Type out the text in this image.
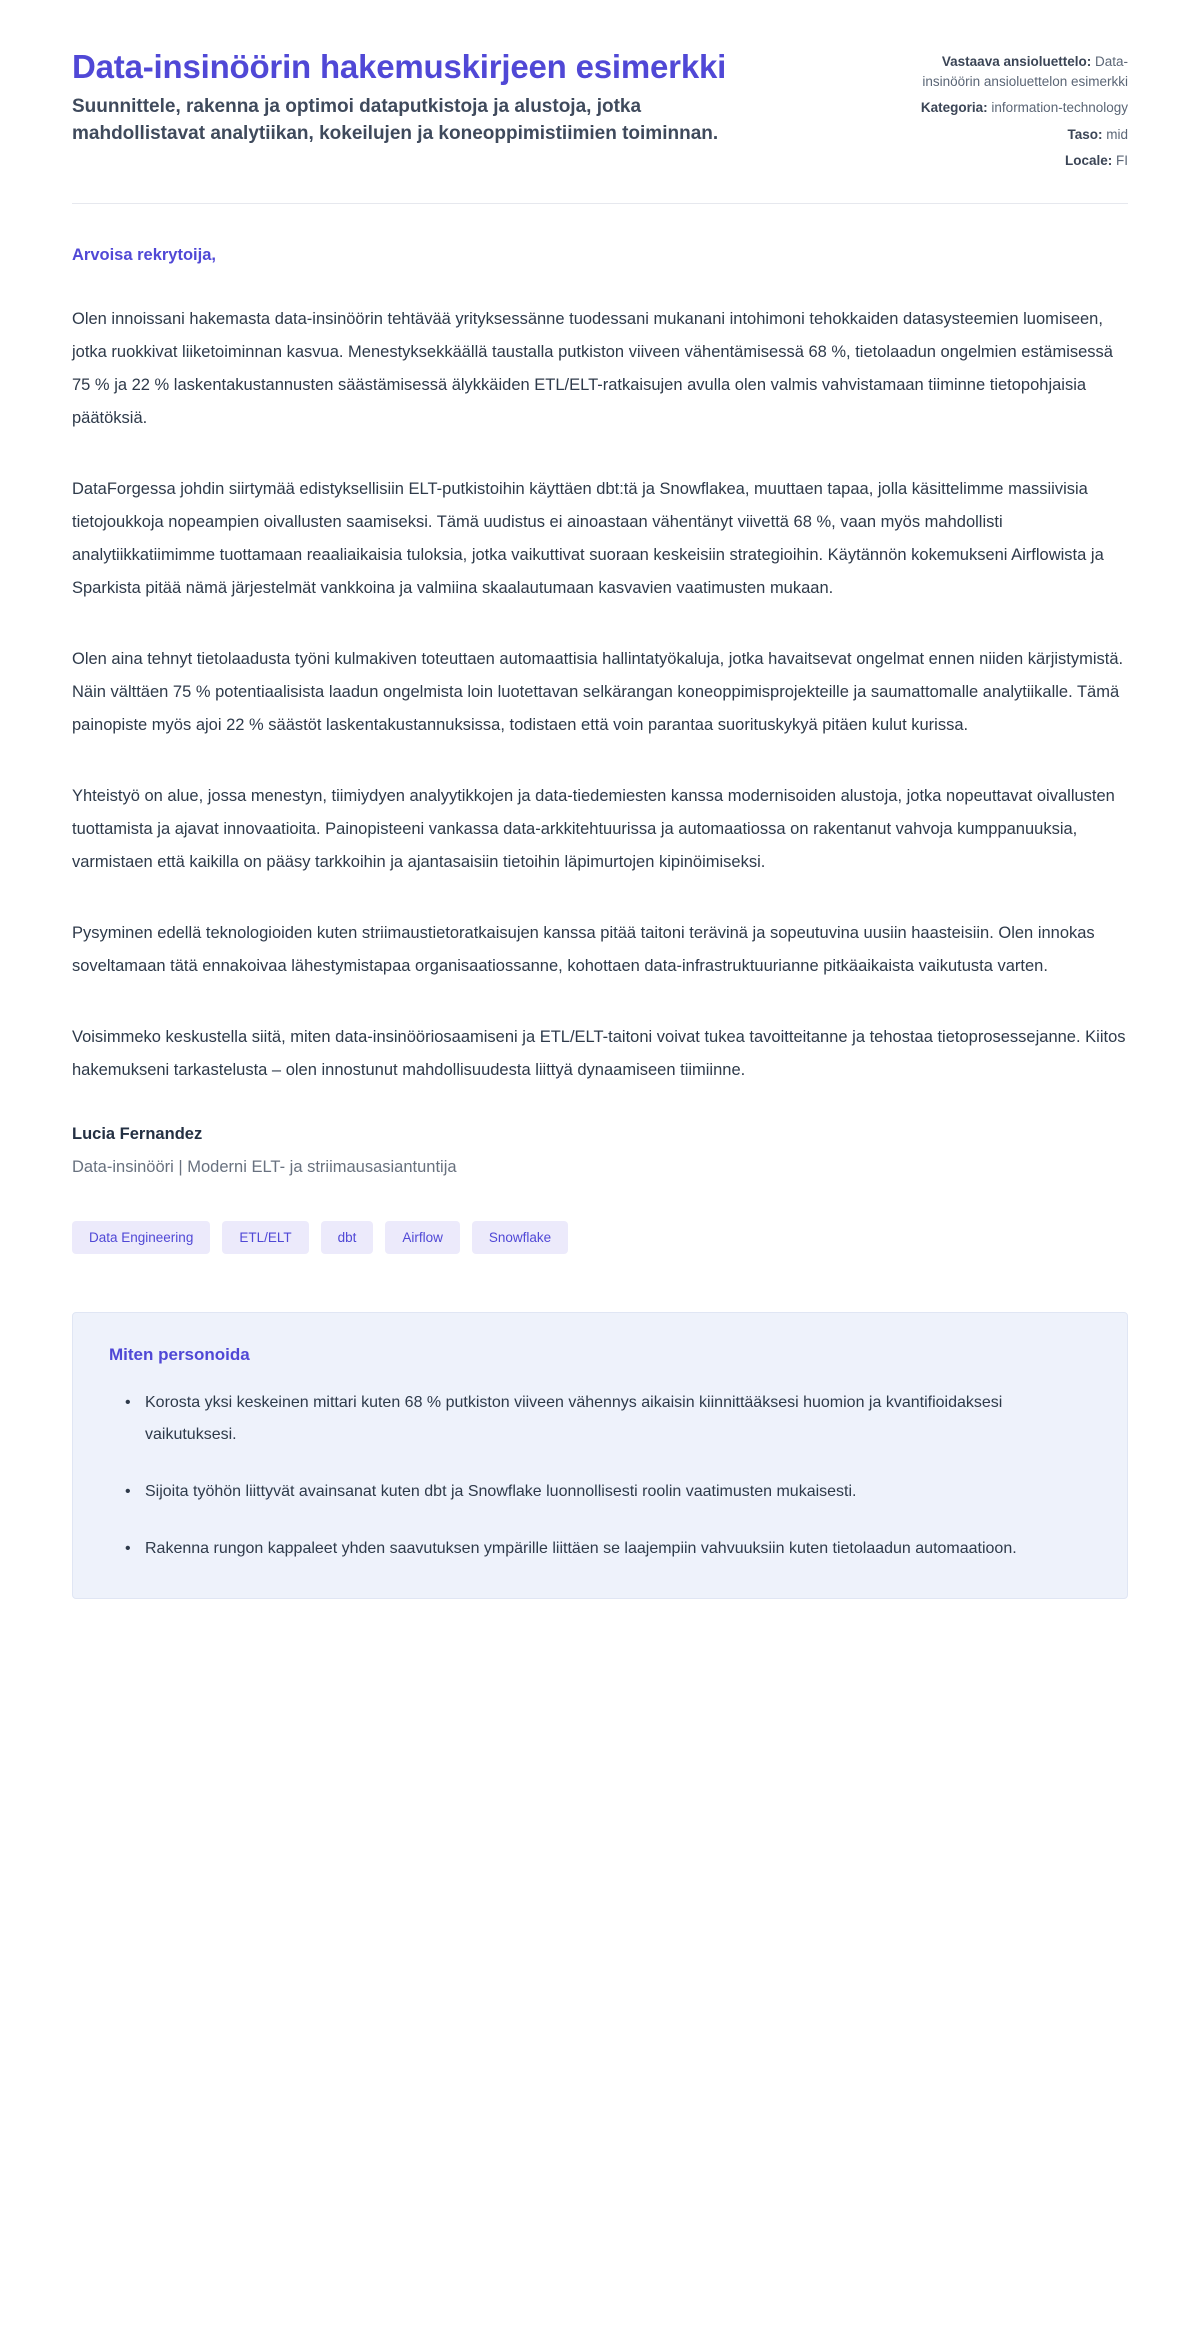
Data-insinöörin hakemuskirjeen esimerkki

Suunnittele, rakenna ja optimoi dataputkistoja ja alustoja, jotka mahdollistavat analytiikan, kokeilujen ja koneoppimistiimien toiminnan.

Vastaava ansioluettelo: Data-insinöörin ansioluettelon esimerkki
Kategoria: information-technology
Taso: mid
Locale: FI

Arvoisa rekrytoija,

Olen innoissani hakemasta data-insinöörin tehtävää yrityksessänne tuodessani mukanani intohimoni tehokkaiden datasysteemien luomiseen, jotka ruokkivat liiketoiminnan kasvua. Menestyksekkäällä taustalla putkiston viiveen vähentämisessä 68 %, tietolaadun ongelmien estämisessä 75 % ja 22 % laskentakustannusten säästämisessä älykkäiden ETL/ELT-ratkaisujen avulla olen valmis vahvistamaan tiiminne tietopohjaisia päätöksiä.

DataForgessa johdin siirtymää edistyksellisiin ELT-putkistoihin käyttäen dbt:tä ja Snowflakea, muuttaen tapaa, jolla käsittelimme massiivisia tietojoukkoja nopeampien oivallusten saamiseksi. Tämä uudistus ei ainoastaan vähentänyt viivettä 68 %, vaan myös mahdollisti analytiikkatiimimme tuottamaan reaaliaikaisia tuloksia, jotka vaikuttivat suoraan keskeisiin strategioihin. Käytännön kokemukseni Airflowista ja Sparkista pitää nämä järjestelmät vankkoina ja valmiina skaalautumaan kasvavien vaatimusten mukaan.

Olen aina tehnyt tietolaadusta työni kulmakiven toteuttaen automaattisia hallintatyökaluja, jotka havaitsevat ongelmat ennen niiden kärjistymistä. Näin välttäen 75 % potentiaalisista laadun ongelmista loin luotettavan selkärangan koneoppimisprojekteille ja saumattomalle analytiikalle. Tämä painopiste myös ajoi 22 % säästöt laskentakustannuksissa, todistaen että voin parantaa suorituskykyä pitäen kulut kurissa.

Yhteistyö on alue, jossa menestyn, tiimiydyen analyytikkojen ja data-tiedemiesten kanssa modernisoiden alustoja, jotka nopeuttavat oivallusten tuottamista ja ajavat innovaatioita. Painopisteeni vankassa data-arkkitehtuurissa ja automaatiossa on rakentanut vahvoja kumppanuuksia, varmistaen että kaikilla on pääsy tarkkoihin ja ajantasaisiin tietoihin läpimurtojen kipinöimiseksi.

Pysyminen edellä teknologioiden kuten striimaustietoratkaisujen kanssa pitää taitoni terävinä ja sopeutuvina uusiin haasteisiin. Olen innokas soveltamaan tätä ennakoivaa lähestymistapaa organisaatiossanne, kohottaen data-infrastruktuurianne pitkäaikaista vaikutusta varten.

Voisimmeko keskustella siitä, miten data-insinööriosaamiseni ja ETL/ELT-taitoni voivat tukea tavoitteitanne ja tehostaa tietoprosessejanne. Kiitos hakemukseni tarkastelusta – olen innostunut mahdollisuudesta liittyä dynaamiseen tiimiinne.

Lucia Fernandez

Data-insinööri | Moderni ELT- ja striimausasiantuntija

Data Engineering	ETL/ELT	dbt	Airflow	Snowflake
Miten personoida
• Korosta yksi keskeinen mittari kuten 68 % putkiston viiveen vähennys aikaisin kiinnittääksesi huomion ja kvantifioidaksesi vaikutuksesi.
• Sijoita työhön liittyvät avainsanat kuten dbt ja Snowflake luonnollisesti roolin vaatimusten mukaisesti.
• Rakenna rungon kappaleet yhden saavutuksen ympärille liittäen se laajempiin vahvuuksiin kuten tietolaadun automaatioon.
